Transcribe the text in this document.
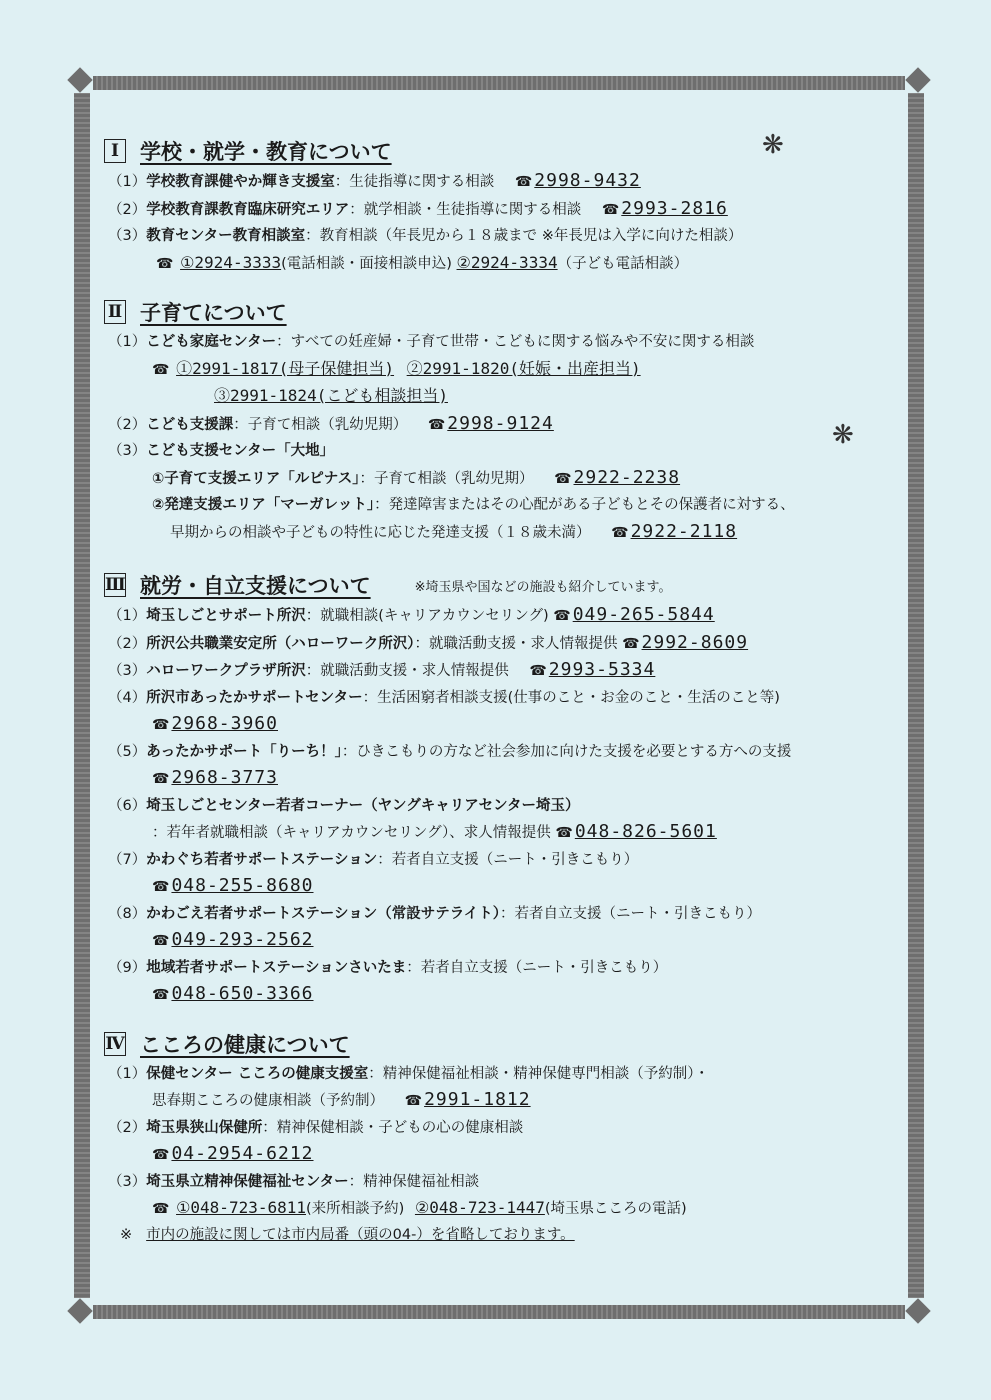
❋
❋
Ⅰ	学校・就学・教育について
（1）学校教育課健やか輝き支援室：生徒指導に関する相談 ☎ 2998-9432
（2）学校教育課教育臨床研究エリア：就学相談・生徒指導に関する相談 ☎ 2993-2816
（3）教育センター教育相談室：教育相談（年長児から１８歳まで ※年長児は入学に向けた相談）
☎ ①2924-3333(電話相談・面接相談申込) ②2924-3334（子ども電話相談）
Ⅱ 子育てについて
（1）こども家庭センター：すべての妊産婦・子育て世帯・こどもに関する悩みや不安に関する相談
☎ ①2991-1817(母子保健担当) ②2991-1820(妊娠・出産担当)
③2991-1824(こども相談担当)
（2）こども支援課：子育て相談（乳幼児期） ☎ 2998-9124
（3）こども支援センター「大地」
①子育て支援エリア「ルピナス」：子育て相談（乳幼児期） ☎ 2922-2238
②発達支援エリア「マーガレット」：発達障害またはその心配がある子どもとその保護者に対する、
早期からの相談や子どもの特性に応じた発達支援（１８歳未満） ☎ 2922-2118
Ⅲ 就労・自立支援について	※埼玉県や国などの施設も紹介しています。
（1）埼玉しごとサポート所沢：就職相談(キャリアカウンセリング) ☎ 049-265-5844
（2）所沢公共職業安定所（ハローワーク所沢）：就職活動支援・求人情報提供 ☎ 2992-8609
（3）ハローワークプラザ所沢：就職活動支援・求人情報提供 ☎ 2993-5334
（4）所沢市あったかサポートセンター：生活困窮者相談支援(仕事のこと・お金のこと・生活のこと等)
☎ 2968-3960
（5）あったかサポート「りーち！」：ひきこもりの方など社会参加に向けた支援を必要とする方への支援
☎ 2968-3773
（6）埼玉しごとセンター若者コーナー（ヤングキャリアセンター埼玉）
：若年者就職相談（キャリアカウンセリング）、求人情報提供 ☎ 048-826-5601
（7）かわぐち若者サポートステーション：若者自立支援（ニート・引きこもり）
☎ 048-255-8680
（8）かわごえ若者サポートステーション（常設サテライト）：若者自立支援（ニート・引きこもり）
☎ 049-293-2562
（9）地域若者サポートステーションさいたま：若者自立支援（ニート・引きこもり）
☎ 048-650-3366
Ⅳ こころの健康について
（1）保健センター こころの健康支援室：精神保健福祉相談・精神保健専門相談（予約制）・
思春期こころの健康相談（予約制） ☎ 2991-1812
（2）埼玉県狭山保健所：精神保健相談・子どもの心の健康相談
☎ 04-2954-6212
（3）埼玉県立精神保健福祉センター：精神保健福祉相談
☎ ①048-723-6811(来所相談予約) ②048-723-1447(埼玉県こころの電話)
※ 市内の施設に関しては市内局番（頭の04-）を省略しております。
